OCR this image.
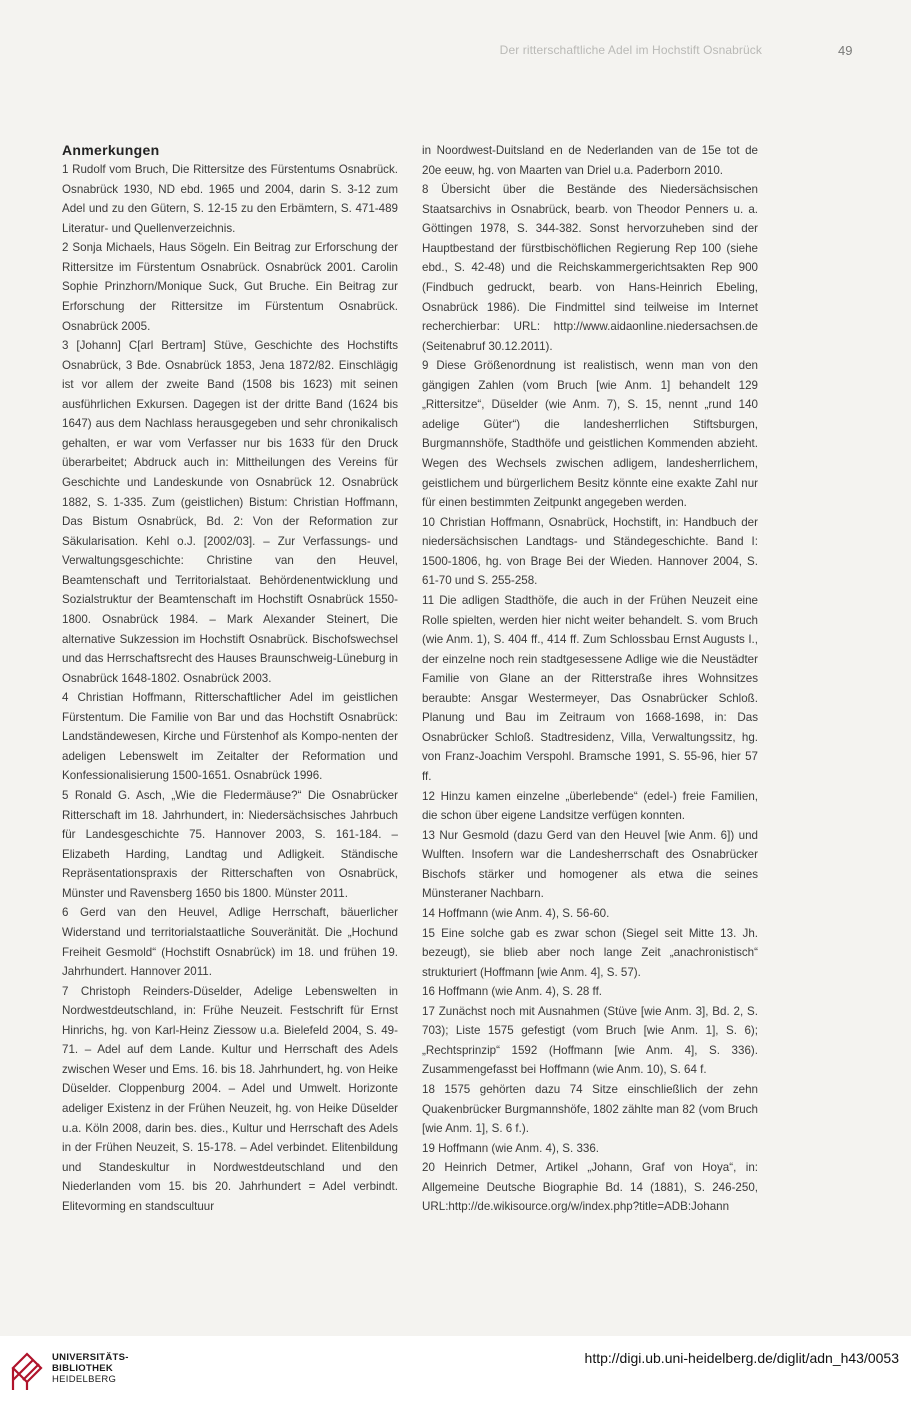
Der ritterschaftliche Adel im Hochstift Osnabrück	49
Anmerkungen

1 Rudolf vom Bruch, Die Rittersitze des Fürstentums Osnabrück. Osnabrück 1930, ND ebd. 1965 und 2004, darin S. 3-12 zum Adel und zu den Gütern, S. 12-15 zu den Erbämtern, S. 471-489 Literatur- und Quellenverzeichnis.

2 Sonja Michaels, Haus Sögeln. Ein Beitrag zur Erforschung der Rittersitze im Fürstentum Osnabrück. Osnabrück 2001. Carolin Sophie Prinzhorn/Monique Suck, Gut Bruche. Ein Beitrag zur Erforschung der Rittersitze im Fürstentum Osnabrück. Osnabrück 2005.

3 [Johann] C[arl Bertram] Stüve, Geschichte des Hochstifts Osnabrück, 3 Bde. Osnabrück 1853, Jena 1872/82. Einschlägig ist vor allem der zweite Band (1508 bis 1623) mit seinen ausführlichen Exkursen. Dagegen ist der dritte Band (1624 bis 1647) aus dem Nachlass herausgegeben und sehr chronikalisch gehalten, er war vom Verfasser nur bis 1633 für den Druck überarbeitet; Abdruck auch in: Mittheilungen des Vereins für Geschichte und Landeskunde von Osnabrück 12. Osnabrück 1882, S. 1-335. Zum (geistlichen) Bistum: Christian Hoffmann, Das Bistum Osnabrück, Bd. 2: Von der Reformation zur Säkularisation. Kehl o.J. [2002/03]. – Zur Verfassungs- und Verwaltungsgeschichte: Christine van den Heuvel, Beamtenschaft und Territorialstaat. Behördenentwicklung und Sozialstruktur der Beamtenschaft im Hochstift Osnabrück 1550-1800. Osnabrück 1984. – Mark Alexander Steinert, Die alternative Sukzession im Hochstift Osnabrück. Bischofswechsel und das Herrschaftsrecht des Hauses Braunschweig-Lüneburg in Osnabrück 1648-1802. Osnabrück 2003.

4 Christian Hoffmann, Ritterschaftlicher Adel im geistlichen Fürstentum. Die Familie von Bar und das Hochstift Osnabrück: Landständewesen, Kirche und Fürstenhof als Kompo-nenten der adeligen Lebenswelt im Zeitalter der Reformation und Konfessionalisierung 1500-1651. Osnabrück 1996.

5 Ronald G. Asch, „Wie die Fledermäuse?“ Die Osnabrücker Ritterschaft im 18. Jahrhundert, in: Niedersächsisches Jahrbuch für Landesgeschichte 75. Hannover 2003, S. 161-184. – Elizabeth Harding, Landtag und Adligkeit. Ständische Repräsentationspraxis der Ritterschaften von Osnabrück, Münster und Ravensberg 1650 bis 1800. Münster 2011.

6 Gerd van den Heuvel, Adlige Herrschaft, bäuerlicher Widerstand und territorialstaatliche Souveränität. Die „Hochund Freiheit Gesmold“ (Hochstift Osnabrück) im 18. und frühen 19. Jahrhundert. Hannover 2011.

7 Christoph Reinders-Düselder, Adelige Lebenswelten in Nordwestdeutschland, in: Frühe Neuzeit. Festschrift für Ernst Hinrichs, hg. von Karl-Heinz Ziessow u.a. Bielefeld 2004, S. 49-71. – Adel auf dem Lande. Kultur und Herrschaft des Adels zwischen Weser und Ems. 16. bis 18. Jahrhundert, hg. von Heike Düselder. Cloppenburg 2004. – Adel und Umwelt. Horizonte adeliger Existenz in der Frühen Neuzeit, hg. von Heike Düselder u.a. Köln 2008, darin bes. dies., Kultur und Herrschaft des Adels in der Frühen Neuzeit, S. 15-178. – Adel verbindet. Elitenbildung und Standeskultur in Nordwestdeutschland und den Niederlanden vom 15. bis 20. Jahrhundert = Adel verbindt. Elitevorming en standscultuur

in Noordwest-Duitsland en de Nederlanden van de 15e tot de 20e eeuw, hg. von Maarten van Driel u.a. Paderborn 2010.

8 Übersicht über die Bestände des Niedersächsischen Staatsarchivs in Osnabrück, bearb. von Theodor Penners u. a. Göttingen 1978, S. 344-382. Sonst hervorzuheben sind der Hauptbestand der fürstbischöflichen Regierung Rep 100 (siehe ebd., S. 42-48) und die Reichskammergerichtsakten Rep 900 (Findbuch gedruckt, bearb. von Hans-Heinrich Ebeling, Osnabrück 1986). Die Findmittel sind teilweise im Internet recherchierbar: URL: http://www.aidaonline.niedersachsen.de (Seitenabruf 30.12.2011).

9 Diese Größenordnung ist realistisch, wenn man von den gängigen Zahlen (vom Bruch [wie Anm. 1] behandelt 129 „Rittersitze“, Düselder (wie Anm. 7), S. 15, nennt „rund 140 adelige Güter“) die landesherrlichen Stiftsburgen, Burgmannshöfe, Stadthöfe und geistlichen Kommenden abzieht. Wegen des Wechsels zwischen adligem, landesherrlichem, geistlichem und bürgerlichem Besitz könnte eine exakte Zahl nur für einen bestimmten Zeitpunkt angegeben werden.

10 Christian Hoffmann, Osnabrück, Hochstift, in: Handbuch der niedersächsischen Landtags- und Ständegeschichte. Band I: 1500-1806, hg. von Brage Bei der Wieden. Hannover 2004, S. 61-70 und S. 255-258.

11 Die adligen Stadthöfe, die auch in der Frühen Neuzeit eine Rolle spielten, werden hier nicht weiter behandelt. S. vom Bruch (wie Anm. 1), S. 404 ff., 414 ff. Zum Schlossbau Ernst Augusts I., der einzelne noch rein stadtgesessene Adlige wie die Neustädter Familie von Glane an der Ritterstraße ihres Wohnsitzes beraubte: Ansgar Westermeyer, Das Osnabrücker Schloß. Planung und Bau im Zeitraum von 1668-1698, in: Das Osnabrücker Schloß. Stadtresidenz, Villa, Verwaltungssitz, hg. von Franz-Joachim Verspohl. Bramsche 1991, S. 55-96, hier 57 ff.

12 Hinzu kamen einzelne „überlebende“ (edel-) freie Familien, die schon über eigene Landsitze verfügen konnten.

13 Nur Gesmold (dazu Gerd van den Heuvel [wie Anm. 6]) und Wulften. Insofern war die Landesherrschaft des Osnabrücker Bischofs stärker und homogener als etwa die seines Münsteraner Nachbarn.

14 Hoffmann (wie Anm. 4), S. 56-60.

15 Eine solche gab es zwar schon (Siegel seit Mitte 13. Jh. bezeugt), sie blieb aber noch lange Zeit „anachronistisch“ strukturiert (Hoffmann [wie Anm. 4], S. 57).

16 Hoffmann (wie Anm. 4), S. 28 ff.

17 Zunächst noch mit Ausnahmen (Stüve [wie Anm. 3], Bd. 2, S. 703); Liste 1575 gefestigt (vom Bruch [wie Anm. 1], S. 6); „Rechtsprinzip“ 1592 (Hoffmann [wie Anm. 4], S. 336). Zusammengefasst bei Hoffmann (wie Anm. 10), S. 64 f.

18 1575 gehörten dazu 74 Sitze einschließlich der zehn Quakenbrücker Burgmannshöfe, 1802 zählte man 82 (vom Bruch [wie Anm. 1], S. 6 f.).

19 Hoffmann (wie Anm. 4), S. 336.

20 Heinrich Detmer, Artikel „Johann, Graf von Hoya“, in: Allgemeine Deutsche Biographie Bd. 14 (1881), S. 246-250, URL:http://de.wikisource.org/w/index.php?title=ADB:Johann

UNIVERSITÄTS-
BIBLIOTHEK
HEIDELBERG
http://digi.ub.uni-heidelberg.de/diglit/adn_h43/0053
